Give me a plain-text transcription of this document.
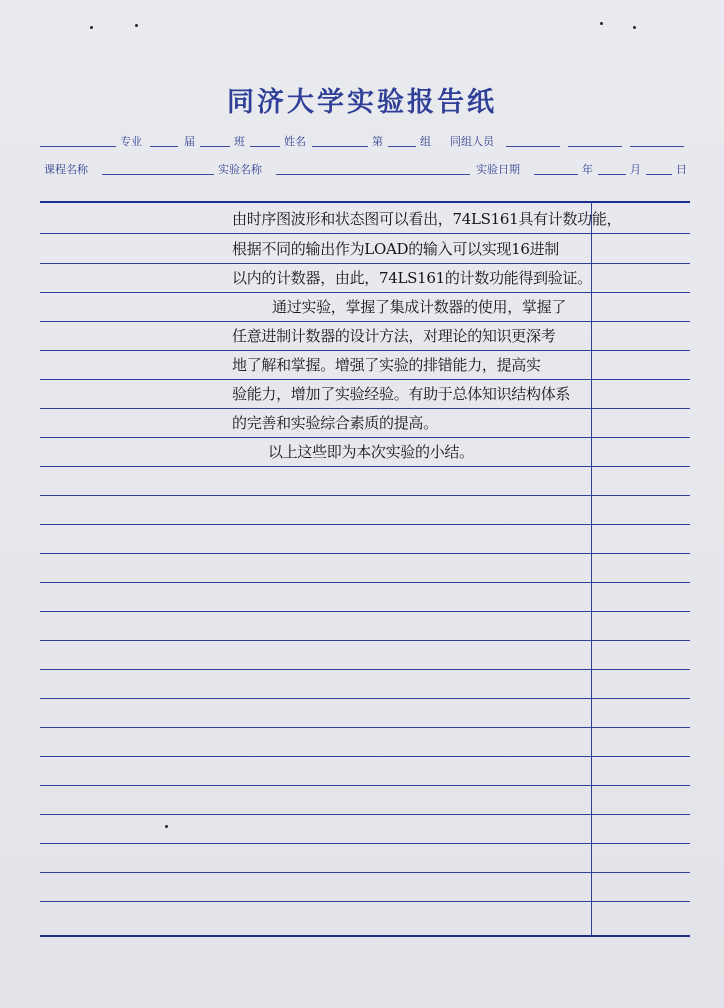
同济大学实验报告纸
专业	届	班	姓名	第	组 同组人员
课程名称	实验名称	实验日期	年	月	日
由时序图波形和状态图可以看出，74LS161具有计数功能，
根据不同的输出作为LOAD的输入可以实现16进制
以内的计数器，由此，74LS161的计数功能得到验证。
通过实验，掌握了集成计数器的使用，掌握了
任意进制计数器的设计方法，对理论的知识更深考
地了解和掌握。增强了实验的排错能力，提高实
验能力，增加了实验经验。有助于总体知识结构体系
的完善和实验综合素质的提高。
以上这些即为本次实验的小结。
